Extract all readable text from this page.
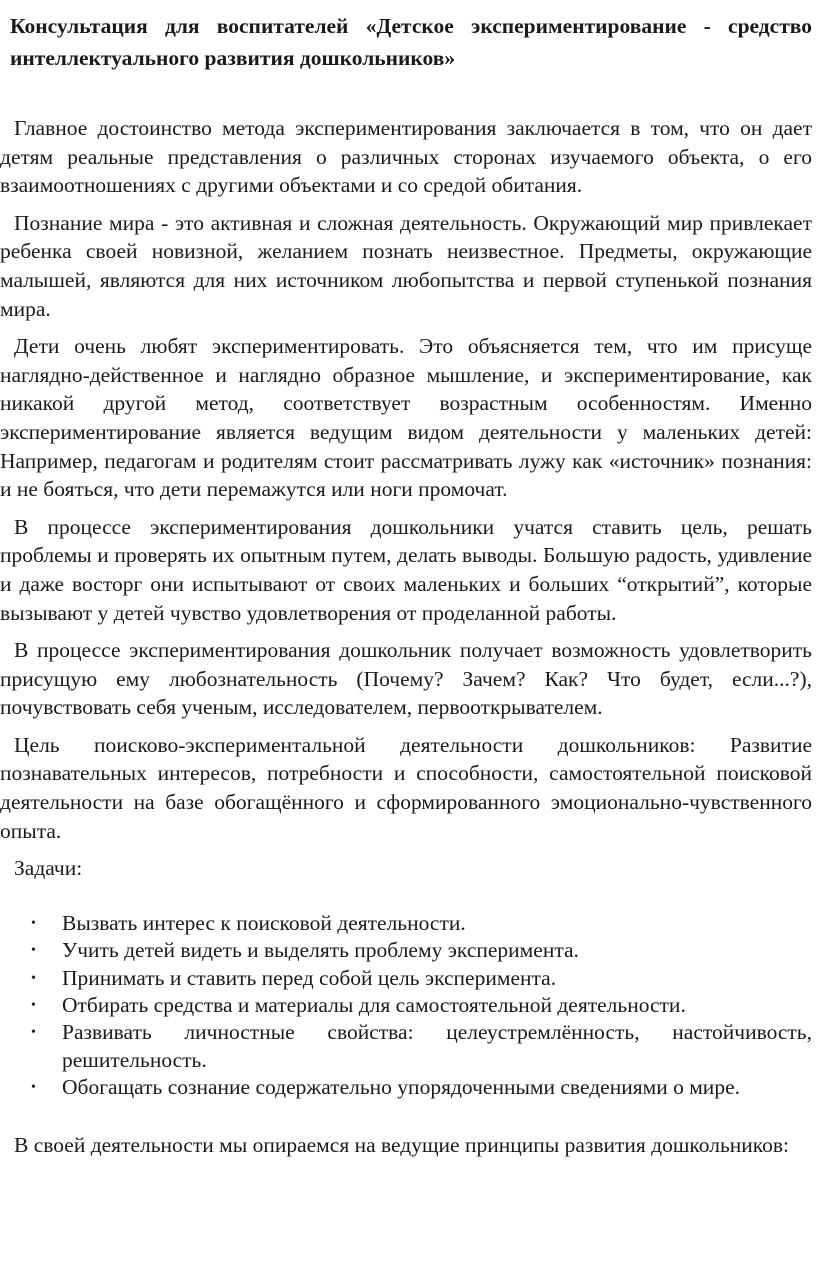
Консультация для воспитателей «Детское экспериментирование - средство интеллектуального развития дошкольников»

Главное достоинство метода экспериментирования заключается в том, что он дает детям реальные представления о различных сторонах изучаемого объекта, о его взаимоотношениях с другими объектами и со средой обитания.

Познание мира - это активная и сложная деятельность. Окружающий мир привлекает ребенка своей новизной, желанием познать неизвестное. Предметы, окружающие малышей, являются для них источником любопытства и первой ступенькой познания мира.

Дети очень любят экспериментировать. Это объясняется тем, что им присуще наглядно-действенное и наглядно образное мышление, и экспериментирование, как никакой другой метод, соответствует возрастным особенностям. Именно экспериментирование является ведущим видом деятельности у маленьких детей: Например, педагогам и родителям стоит рассматривать лужу как «источник» познания: и не бояться, что дети перемажутся или ноги промочат.

В процессе экспериментирования дошкольники учатся ставить цель, решать проблемы и проверять их опытным путем, делать выводы. Большую радость, удивление и даже восторг они испытывают от своих маленьких и больших “открытий”, которые вызывают у детей чувство удовлетворения от проделанной работы.

В процессе экспериментирования дошкольник получает возможность удовлетворить присущую ему любознательность (Почему? Зачем? Как? Что будет, если...?), почувствовать себя ученым, исследователем, первооткрывателем.

Цель поисково-экспериментальной деятельности дошкольников: Развитие познавательных интересов, потребности и способности, самостоятельной поисковой деятельности на базе обогащённого и сформированного эмоционально-чувственного опыта.

Задачи:

• Вызвать интерес к поисковой деятельности.
• Учить детей видеть и выделять проблему эксперимента.
• Принимать и ставить перед собой цель эксперимента.
• Отбирать средства и материалы для самостоятельной деятельности.
• Развивать личностные свойства: целеустремлённость, настойчивость, решительность.
• Обогащать сознание содержательно упорядоченными сведениями о мире.

В своей деятельности мы опираемся на ведущие принципы развития дошкольников:
